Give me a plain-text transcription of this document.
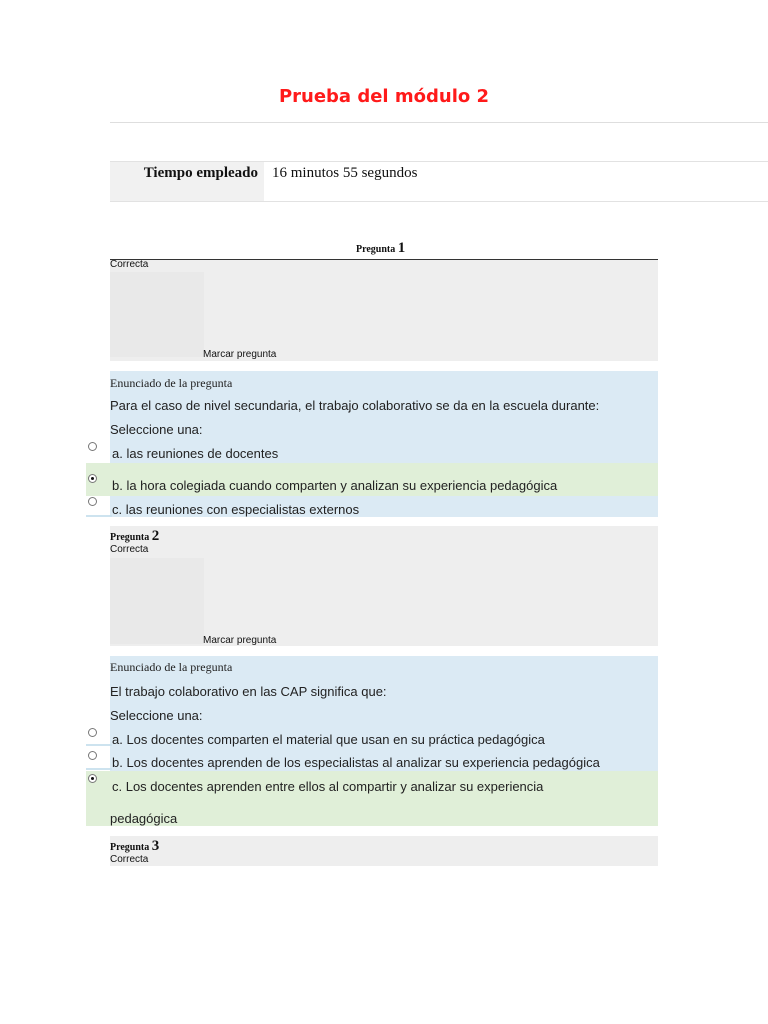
Prueba del módulo 2
Tiempo empleado 16 minutos 55 segundos
Pregunta 1
Correcta
Marcar pregunta
Enunciado de la pregunta
Para el caso de nivel secundaria, el trabajo colaborativo se da en la escuela durante:
Seleccione una:
a. las reuniones de docentes
b. la hora colegiada cuando comparten y analizan su experiencia pedagógica
c. las reuniones con especialistas externos
Pregunta 2
Correcta
Marcar pregunta
Enunciado de la pregunta
El trabajo colaborativo en las CAP significa que:
Seleccione una:
a. Los docentes comparten el material que usan en su práctica pedagógica
b. Los docentes aprenden de los especialistas al analizar su experiencia pedagógica
c. Los docentes aprenden entre ellos al compartir y analizar su experiencia
pedagógica
Pregunta 3
Correcta
